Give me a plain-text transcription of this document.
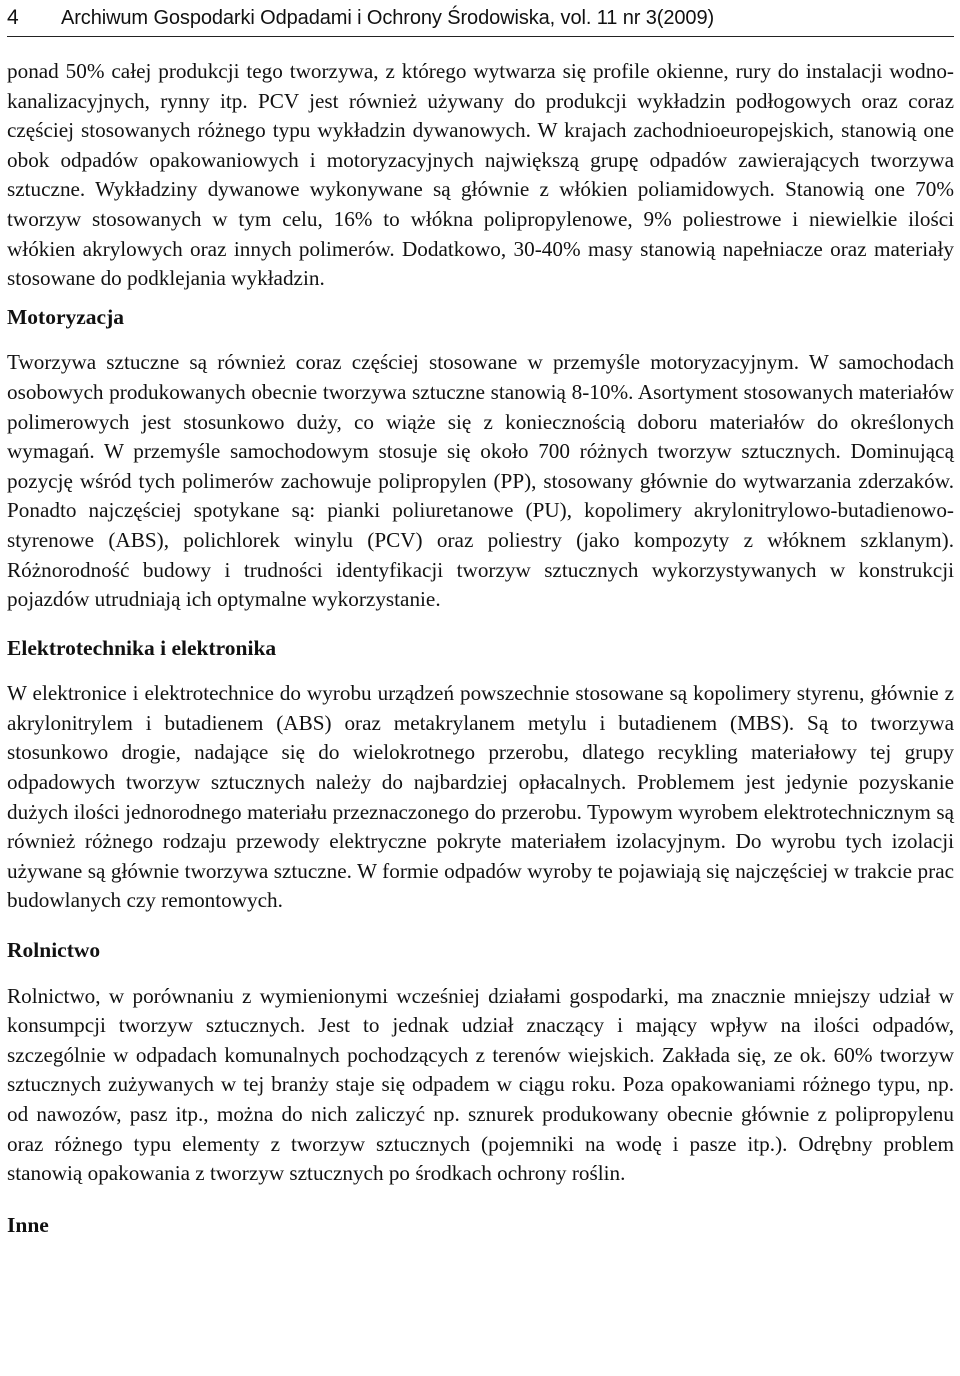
4	Archiwum Gospodarki Odpadami i Ochrony Środowiska, vol. 11 nr 3(2009)

ponad 50% całej produkcji tego tworzywa, z którego wytwarza się profile okienne, rury do instalacji wodno-kanalizacyjnych, rynny itp. PCV jest również używany do produkcji wykładzin podłogowych oraz coraz częściej stosowanych różnego typu wykładzin dywanowych. W krajach zachodnioeuropejskich, stanowią one obok odpadów opakowaniowych i motoryzacyjnych największą grupę odpadów zawierających tworzywa sztuczne. Wykładziny dywanowe wykonywane są głównie z włókien poliamidowych. Stanowią one 70% tworzyw stosowanych w tym celu, 16% to włókna polipropylenowe, 9% poliestrowe i niewielkie ilości włókien akrylowych oraz innych polimerów. Dodatkowo, 30-40% masy stanowią napełniacze oraz materiały stosowane do podklejania wykładzin.

Motoryzacja

Tworzywa sztuczne są również coraz częściej stosowane w przemyśle motoryzacyjnym. W samochodach osobowych produkowanych obecnie tworzywa sztuczne stanowią 8-10%. Asortyment stosowanych materiałów polimerowych jest stosunkowo duży, co wiąże się z koniecznością doboru materiałów do określonych wymagań. W przemyśle samochodowym stosuje się około 700 różnych tworzyw sztucznych. Dominującą pozycję wśród tych polimerów zachowuje polipropylen (PP), stosowany głównie do wytwarzania zderzaków. Ponadto najczęściej spotykane są: pianki poliuretanowe (PU), kopolimery akrylonitrylowo-butadienowo-styrenowe (ABS), polichlorek winylu (PCV) oraz poliestry (jako kompozyty z włóknem szklanym). Różnorodność budowy i trudności identyfikacji tworzyw sztucznych wykorzystywanych w konstrukcji pojazdów utrudniają ich optymalne wykorzystanie.

Elektrotechnika i elektronika

W elektronice i elektrotechnice do wyrobu urządzeń powszechnie stosowane są kopolimery styrenu, głównie z akrylonitrylem i butadienem (ABS) oraz metakrylanem metylu i butadienem (MBS). Są to tworzywa stosunkowo drogie, nadające się do wielokrotnego przerobu, dlatego recykling materiałowy tej grupy odpadowych tworzyw sztucznych należy do najbardziej opłacalnych. Problemem jest jedynie pozyskanie dużych ilości jednorodnego materiału przeznaczonego do przerobu. Typowym wyrobem elektrotechnicznym są również różnego rodzaju przewody elektryczne pokryte materiałem izolacyjnym. Do wyrobu tych izolacji używane są głównie tworzywa sztuczne. W formie odpadów wyroby te pojawiają się najczęściej w trakcie prac budowlanych czy remontowych.

Rolnictwo

Rolnictwo, w porównaniu z wymienionymi wcześniej działami gospodarki, ma znacznie mniejszy udział w konsumpcji tworzyw sztucznych. Jest to jednak udział znaczący i mający wpływ na ilości odpadów, szczególnie w odpadach komunalnych pochodzących z terenów wiejskich. Zakłada się, ze ok. 60% tworzyw sztucznych zużywanych w tej branży staje się odpadem w ciągu roku. Poza opakowaniami różnego typu, np. od nawozów, pasz itp., można do nich zaliczyć np. sznurek produkowany obecnie głównie z polipropylenu oraz różnego typu elementy z tworzyw sztucznych (pojemniki na wodę i pasze itp.). Odrębny problem stanowią opakowania z tworzyw sztucznych po środkach ochrony roślin.

Inne
